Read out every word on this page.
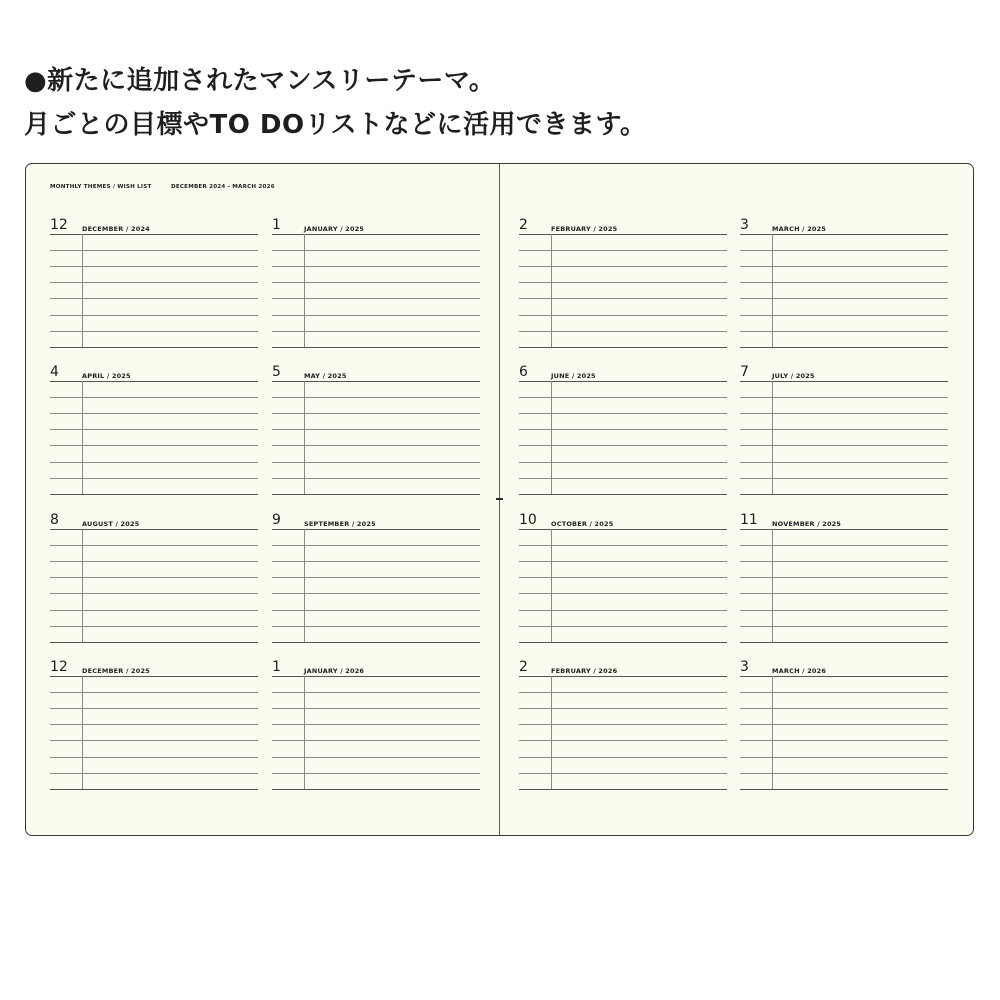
●新たに追加されたマンスリーテーマ。
月ごとの目標やTO DOリストなどに活用できます。
MONTHLY THEMES / WISH LIST	DECEMBER 2024 - MARCH 2026
12 DECEMBER / 2024	1	JANUARY / 2025	2	FEBRUARY / 2025	3	MARCH / 2025
4	APRIL / 2025	5	MAY / 2025	6	JUNE / 2025	7	JULY / 2025
8	AUGUST / 2025	9	SEPTEMBER / 2025	10 OCTOBER / 2025	11 NOVEMBER / 2025
12 DECEMBER / 2025	1	JANUARY / 2026	2	FEBRUARY / 2026	3	MARCH / 2026
